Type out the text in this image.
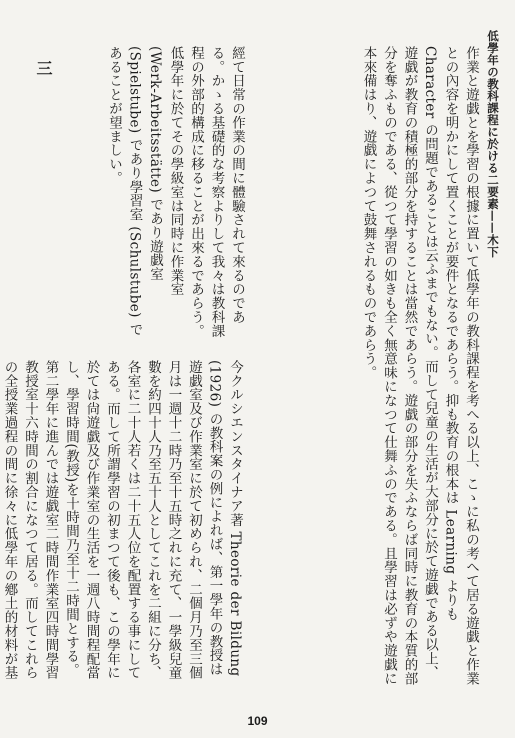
低學年の教科課程に於ける二要素——木下

作業と遊戯とを學習の根據に置いて低學年の教科課程を考へる以上、こゝに私の考へて居る遊戯と作業との內容を明かにして置くことが要件となるであらう。抑も教育の根本は Learning よりも Character の問題であることは云ふまでもない。而して兒童の生活が大部分に於て遊戯である以上、遊戯が教育の積極的部分を持することは當然であらう。遊戯の部分を失ふならば同時に教育の本質的部分を奪ふものである、從つて學習の如きも全く無意味になつて仕舞ふのである。且學習は必ずや遊戯に本來備はり、遊戯によつて鼓舞されるものであらう。

經て日常の作業の間に體驗されて來るのである。かゝる基礎的な考察よりして我々は教科課程の外部的構成に移ることが出來るであらう。低學年に於てその學級室は同時に作業室 (Werk-Arbeitsstätte) であり遊戯室 (Spielstube) であり學習室 (Schulstube) であることが望ましい。

今クルシエンスタイナア著 Theorie der Bildung (1926) の教科案の例によれば、第一學年の教授は遊戯室及び作業室に於て初められ、二個月乃至三個月は一週十二時乃至十五時之れに充て、一學級兒童數を約四十人乃至五十人としてこれを二組に分ち、各室に二十人若くは二十五人位を配置する事にしてある。而して所謂學習の初まつて後も、この學年に於ては尙遊戯及び作業室の生活を一週八時間程配當し、學習時間(教授)を十時間乃至十二時間とする。第二學年に進んでは遊戯室二時間作業室四時間學習教授室十六時間の割合になつて居る。而してこれらの全授業過程の間に徐々に低學年の鄕土的材料が基

三
109
